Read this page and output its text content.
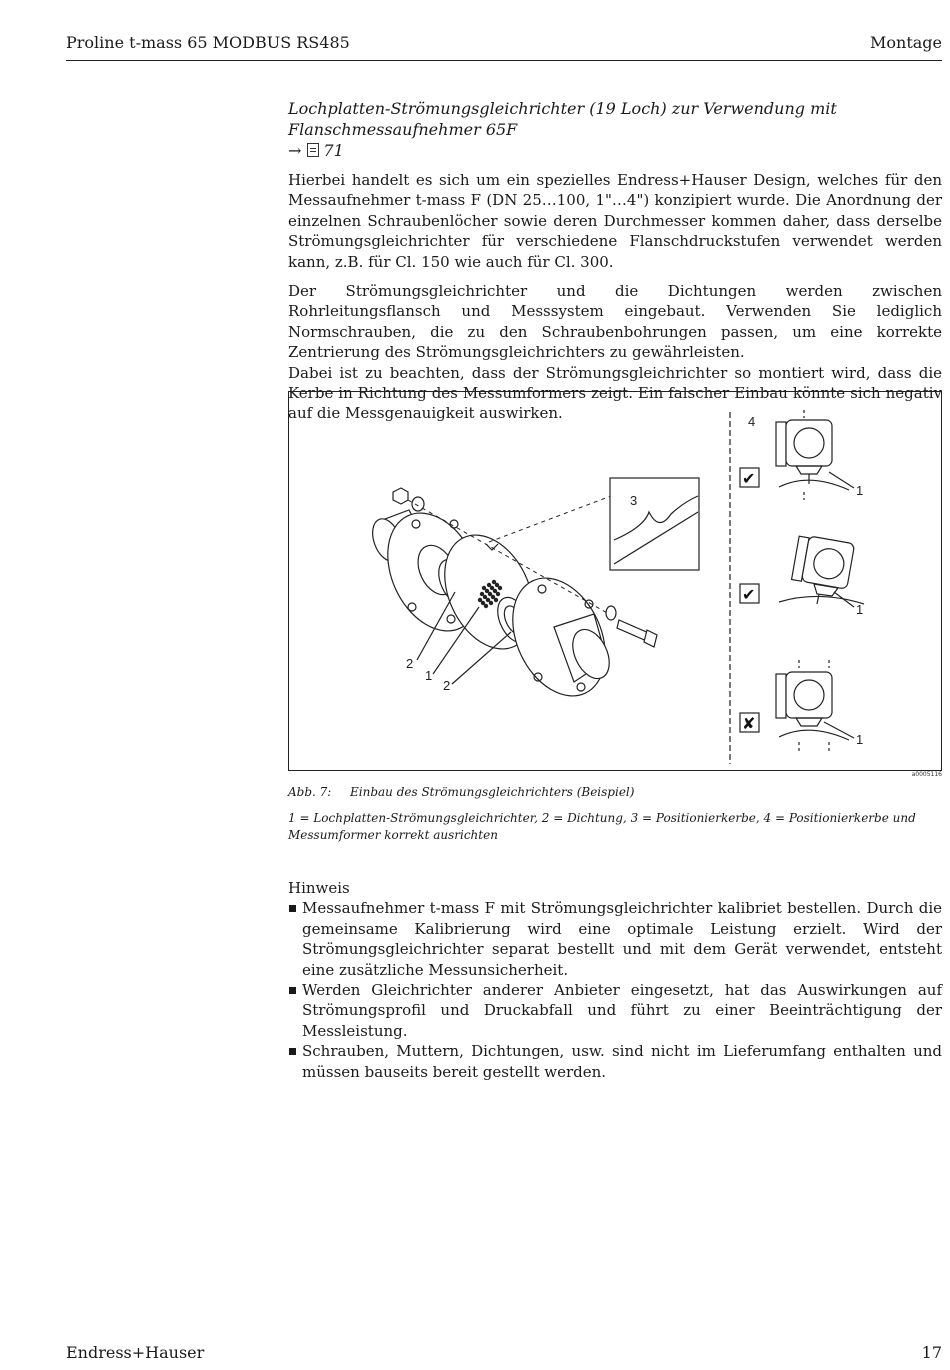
Proline t-mass 65 MODBUS RS485	Montage
Lochplatten-Strömungsgleichrichter (19 Loch) zur Verwendung mit Flanschmessaufnehmer 65F
→ 71

Hierbei handelt es sich um ein spezielles Endress+Hauser Design, welches für den Messaufnehmer t-mass F (DN 25…100, 1"…4") konzipiert wurde. Die Anordnung der einzelnen Schraubenlöcher sowie deren Durchmesser kommen daher, dass derselbe Strömungsgleichrichter für verschiedene Flanschdruckstufen verwendet werden kann, z.B. für Cl. 150 wie auch für Cl. 300.

Der Strömungsgleichrichter und die Dichtungen werden zwischen Rohrleitungsflansch und Messsystem eingebaut. Verwenden Sie lediglich Normschrauben, die zu den Schraubenbohrungen passen, um eine korrekte Zentrierung des Strömungsgleichrichters zu gewährleisten.

Dabei ist zu beachten, dass der Strömungsgleichrichter so montiert wird, dass die Kerbe in Richtung des Messumformers zeigt. Ein falscher Einbau könnte sich negativ auf die Messgenauigkeit auswirken.

2
1
2
3
4
1
1
1
✔
✔
✘
a0005116
Abb. 7: Einbau des Strömungsgleichrichters (Beispiel)
1 = Lochplatten-Strömungsgleichrichter, 2 = Dichtung, 3 = Positionierkerbe, 4 = Positionierkerbe und Messumformer korrekt ausrichten
Hinweis
Messaufnehmer t-mass F mit Strömungsgleichrichter kalibriet bestellen. Durch die gemeinsame Kalibrierung wird eine optimale Leistung erzielt. Wird der Strömungsgleichrichter separat bestellt und mit dem Gerät verwendet, entsteht eine zusätzliche Messunsicherheit.
Werden Gleichrichter anderer Anbieter eingesetzt, hat das Auswirkungen auf Strömungsprofil und Druckabfall und führt zu einer Beeinträchtigung der Messleistung.
Schrauben, Muttern, Dichtungen, usw. sind nicht im Lieferumfang enthalten und müssen bauseits bereit gestellt werden.
Endress+Hauser	17
